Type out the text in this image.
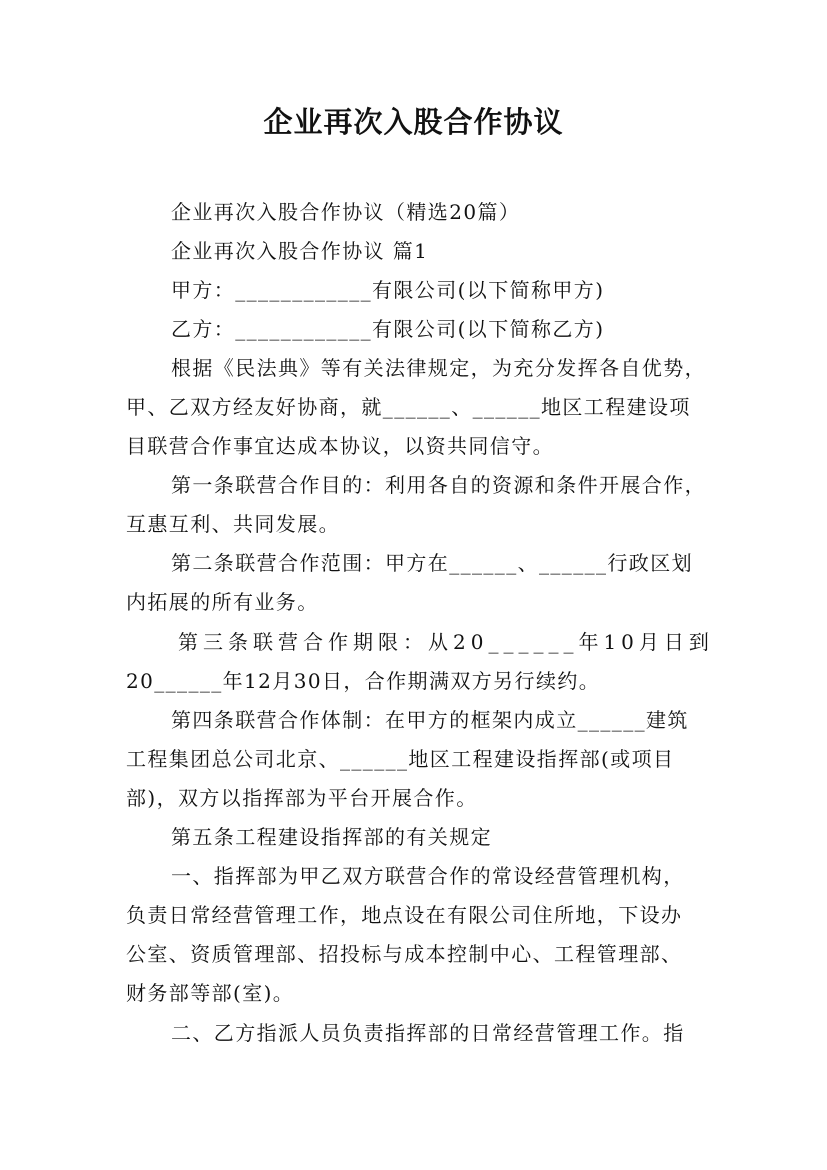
企业再次入股合作协议
企业再次入股合作协议（精选20篇）
企业再次入股合作协议 篇1
甲方：____________有限公司(以下简称甲方)
乙方：____________有限公司(以下简称乙方)
根据《民法典》等有关法律规定，为充分发挥各自优势，
甲、乙双方经友好协商，就______、______地区工程建设项
目联营合作事宜达成本协议，以资共同信守。
第一条联营合作目的：利用各自的资源和条件开展合作，
互惠互利、共同发展。
第二条联营合作范围：甲方在______、______行政区划
内拓展的所有业务。
第三条联营合作期限：从20______年10月日到
20______年12月30日，合作期满双方另行续约。
第四条联营合作体制：在甲方的框架内成立______建筑
工程集团总公司北京、______地区工程建设指挥部(或项目
部)，双方以指挥部为平台开展合作。
第五条工程建设指挥部的有关规定
一、指挥部为甲乙双方联营合作的常设经营管理机构，
负责日常经营管理工作，地点设在有限公司住所地，下设办
公室、资质管理部、招投标与成本控制中心、工程管理部、
财务部等部(室)。
二、乙方指派人员负责指挥部的日常经营管理工作。指
